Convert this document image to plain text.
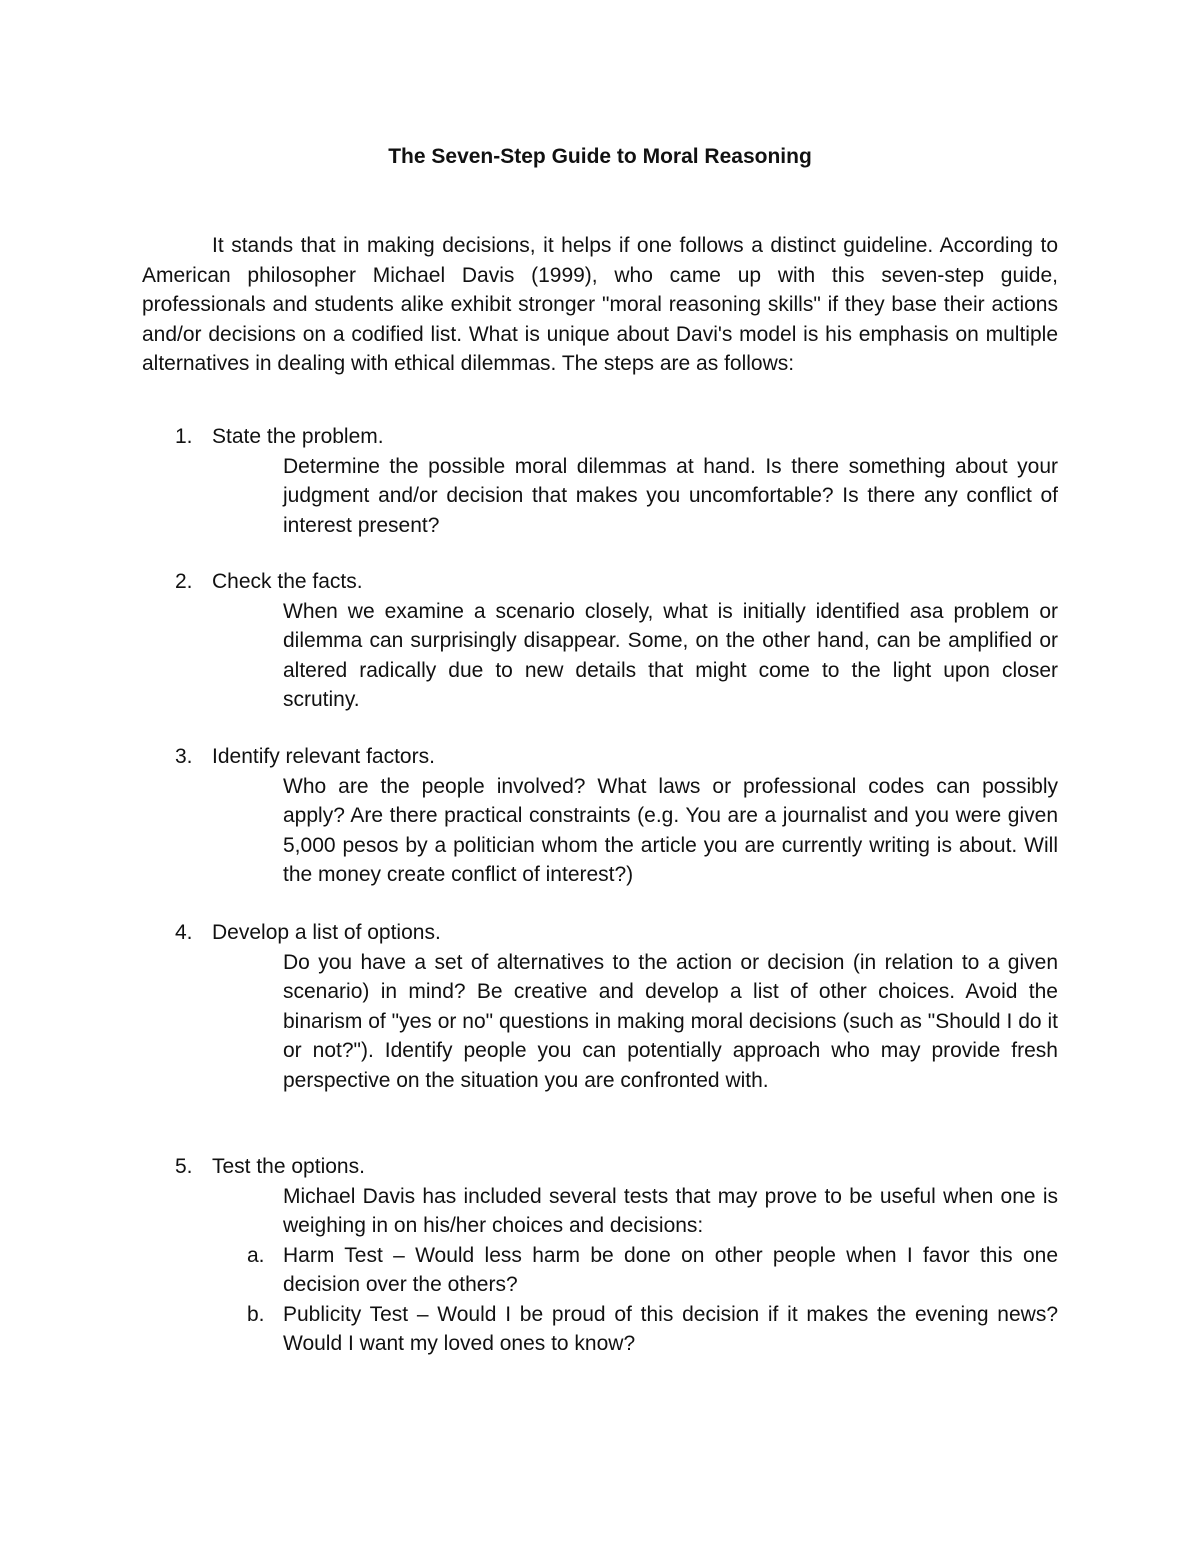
The Seven-Step Guide to Moral Reasoning

It stands that in making decisions, it helps if one follows a distinct guideline. According to American philosopher Michael Davis (1999), who came up with this seven-step guide, professionals and students alike exhibit stronger "moral reasoning skills" if they base their actions and/or decisions on a codified list. What is unique about Davi's model is his emphasis on multiple alternatives in dealing with ethical dilemmas. The steps are as follows:

1. State the problem.

Determine the possible moral dilemmas at hand. Is there something about your judgment and/or decision that makes you uncomfortable? Is there any conflict of interest present?

2. Check the facts.

When we examine a scenario closely, what is initially identified asa problem or dilemma can surprisingly disappear. Some, on the other hand, can be amplified or altered radically due to new details that might come to the light upon closer scrutiny.

3. Identify relevant factors.

Who are the people involved? What laws or professional codes can possibly apply? Are there practical constraints (e.g. You are a journalist and you were given 5,000 pesos by a politician whom the article you are currently writing is about. Will the money create conflict of interest?)

4. Develop a list of options.

Do you have a set of alternatives to the action or decision (in relation to a given scenario) in mind? Be creative and develop a list of other choices. Avoid the binarism of "yes or no" questions in making moral decisions (such as "Should I do it or not?"). Identify people you can potentially approach who may provide fresh perspective on the situation you are confronted with.

5. Test the options.

Michael Davis has included several tests that may prove to be useful when one is weighing in on his/her choices and decisions:

a. Harm Test – Would less harm be done on other people when I favor this one decision over the others?
b. Publicity Test – Would I be proud of this decision if it makes the evening news? Would I want my loved ones to know?
